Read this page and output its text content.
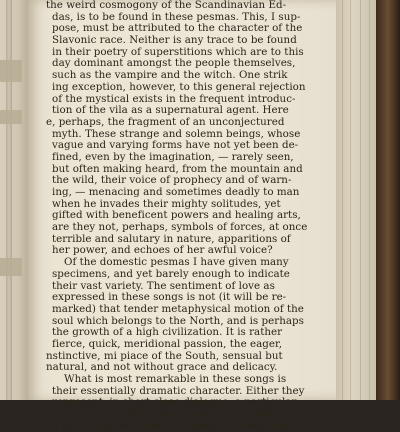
the weird cosmogony of the Scandinavian Ed-
das, is to be found in these pesmas. This, I sup-
pose, must be attributed to the character of the
Slavonic race. Neither is any trace to be found
in their poetry of superstitions which are to this
day dominant amongst the people themselves,
such as the vampire and the witch. One strik
ing exception, however, to this general rejection
of the mystical exists in the frequent introduc-
tion of the vila as a supernatural agent. Here
e, perhaps, the fragment of an unconjectured
myth. These strange and solemn beings, whose
vague and varying forms have not yet been de-
fined, even by the imagination, — rarely seen,
but often making heard, from the mountain and
the wild, their voice of prophecy and of warn-
ing, — menacing and sometimes deadly to man
when he invades their mighty solitudes, yet
gifted with beneficent powers and healing arts,
are they not, perhaps, symbols of forces, at once
terrible and salutary in nature, apparitions of
her power, and echoes of her awful voice?
Of the domestic pesmas I have given many
specimens, and yet barely enough to indicate
their vast variety. The sentiment of love as
expressed in these songs is not (it will be re-
marked) that tender metaphysical motion of the
soul which belongs to the North, and is perhaps
the growth of a high civilization. It is rather
fierce, quick, meridional passion, the eager,
nstinctive, mi piace of the South, sensual but
natural, and not without grace and delicacy.
What is most remarkable in these songs is
their essentially dramatic character. Either they
represent, in short close dialogue, a particular
"situation," or they treat a particular phase of
a particular sentiment or passion; or else they
